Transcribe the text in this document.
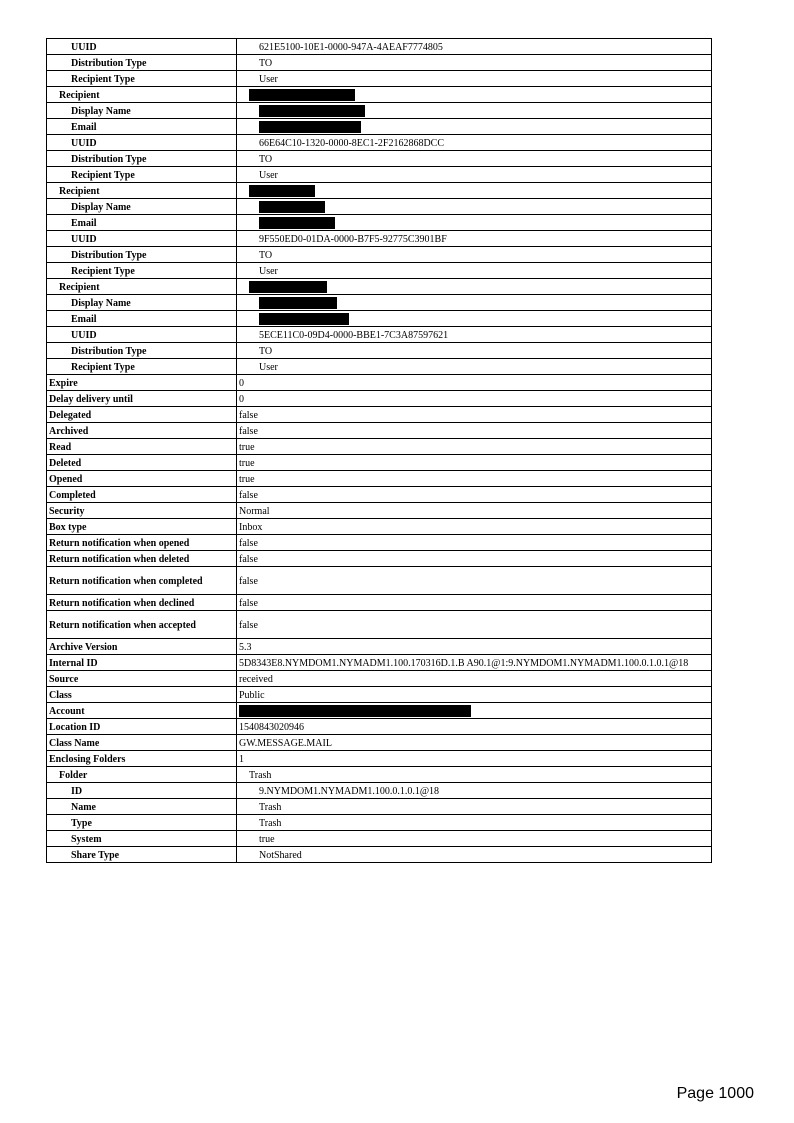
UUID	621E5100-10E1-0000-947A-4AEAF7774805
Distribution Type	TO
Recipient Type	User
Recipient	
Display Name	
Email	
UUID	66E64C10-1320-0000-8EC1-2F2162868DCC
Distribution Type	TO
Recipient Type	User
Recipient	
Display Name	
Email	
UUID	9F550ED0-01DA-0000-B7F5-92775C3901BF
Distribution Type	TO
Recipient Type	User
Recipient	
Display Name	
Email	
UUID	5ECE11C0-09D4-0000-BBE1-7C3A87597621
Distribution Type	TO
Recipient Type	User
Expire	0
Delay delivery until	0
Delegated	false
Archived	false
Read	true
Deleted	true
Opened	true
Completed	false
Security	Normal
Box type	Inbox
Return notification when opened	false
Return notification when deleted	false
Return notification when completed	false
Return notification when declined	false
Return notification when accepted	false
Archive Version	5.3
Internal ID	5D8343E8.NYMDOM1.NYMADM1.100.170316D.1.B A90.1@1:9.NYMDOM1.NYMADM1.100.0.1.0.1@18
Source	received
Class	Public
Account	
Location ID	1540843020946
Class Name	GW.MESSAGE.MAIL
Enclosing Folders	1
Folder	Trash
ID	9.NYMDOM1.NYMADM1.100.0.1.0.1@18
Name	Trash
Type	Trash
System	true
Share Type	NotShared
Page 1000
